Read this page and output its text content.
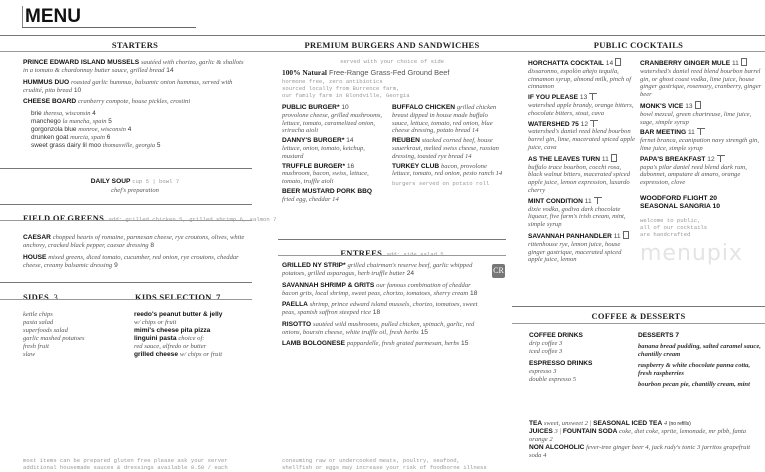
MENU
STARTERS
PRINCE EDWARD ISLAND MUSSELS sautéed with chorizo, garlic & shallots in a tomato & chardonnay butter sauce, grilled bread 14
HUMMUS DUO roasted garlic hummus, balsamic onion hummus, served with crudité, pita bread 10
CHEESE BOARD cranberry compote, house pickles, crostini
brie theresa, wisconsin 4
manchego la mancha, spain 5
gorgonzola blue monroe, wisconsin 4
drunken goat murcia, spain 6
sweet grass dairy lil moo thomasville, georgia 5
DAILY SOUP cup 5 | bowl 7
chef's preparation
FIELD OF GREENS add: grilled chicken 5, grilled shrimp 6, salmon 7
CAESAR chopped hearts of romaine, parmesan cheese, rye croutons, olives, white anchovy, cracked black pepper, caesar dressing 8
HOUSE mixed greens, diced tomato, cucumber, red onion, rye croutons, cheddar cheese, creamy balsamic dressing 9
SIDES 3	KIDS SELECTION 7
kettle chips
pasta salad
superfoods salad
garlic mashed potatoes
fresh fruit
slaw
reedo's peanut butter & jelly
w/ chips or fruit
mimi's cheese pita pizza
linguini pasta choice of:
red sauce, alfredo or butter
grilled cheese w/ chips or fruit
most items can be prepared gluten free please ask your server
additional housemade sauces & dressings available 0.50 / each
PREMIUM BURGERS AND SANDWICHES
served with your choice of side
100% Natural Free-Range Grass-Fed Ground Beef
hormone free, zero antibiotics
sourced locally from Burrence farm,
our family farm in Blondville, Georgia
PUBLIC BURGER* 10
provolone cheese, grilled mushrooms, lettuce, tomato, caramelized onion, sriracha aioli
DANNY'S BURGER* 14
lettuce, onion, tomato, ketchup, mustard
TRUFFLE BURGER* 16
mushroom, bacon, swiss, lettuce, tomato, truffle aioli
BEER MUSTARD PORK BBQ
fried egg, cheddar 14
BUFFALO CHICKEN grilled chicken breast dipped in house made buffalo sauce, lettuce, tomato, red onion, blue cheese dressing, potato bread 14
REUBEN stacked corned beef, house sauerkraut, melted swiss cheese, russian dressing, toasted rye bread 14
TURKEY CLUB bacon, provolone lettuce, tomato, red onion, pesto ranch 14
burgers served on potato roll
ENTREES add: side salad 5
GRILLED NY STRIP* grilled chairman's reserve beef, garlic whipped potatoes, grilled asparagus, herb truffle butter 24
SAVANNAH SHRIMP & GRITS our famous combination of cheddar bacon grits, local shrimp, sweet peas, chorizo, tomatoes, sherry cream 18
PAELLA shrimp, prince edward island mussels, chorizo, tomatoes, sweet peas, spanish saffron steeped rice 18
RISOTTO sautéed wild mushrooms, pulled chicken, spinach, garlic, red onions, boursin cheese, white truffle oil, fresh herbs 15
LAMB BOLOGNESE pappardelle, fresh grated parmesan, herbs 15
CR
consuming raw or undercooked meats, poultry, seafood,
shellfish or eggs may increase your risk of foodborne illness
PUBLIC COCKTAILS
HORCHATTA COCKTAIL 14
dissaronno, espolòn añejo tequila, cinnamon syrup, almond milk, pinch of cinnamon
IF YOU PLEASE 13
watershed apple brandy, orange bitters, chocolate bitters, stout, cava
WATERSHED 75 12
watershed's daniel reed blend bourbon barrel gin, lime, macerated spiced apple juice, cava
AS THE LEAVES TURN 11
buffalo trace bourbon, cocchi rosa, black walnut bitters, macerated spiced apple juice, lemon expression, luxardo cherry
MINT CONDITION 11
dixie vodka, godiva dark chocolate liqueur, five farm's irish cream, mint, simple syrup
SAVANNAH PANHANDLER 11
rittenhouse rye, lemon juice, house ginger gastrique, macerated spiced apple juice, lemon
CRANBERRY GINGER MULE 11
watershed's daniel reed blend bourbon barrel gin, or ghost coast vodka, lime juice, house ginger gastrique, rosemary, cranberry, ginger beer
MONK'S VICE 13
bowl mezcal, green chartreuse, lime juice, sage, simple syrup
BAR MEETING 11
fernet branca, ecanipation navy strength gin, lime juice, simple syrup
PAPA'S BREAKFAST 12
papa's pilar daniel reed blend dark rum, dubonnet, amputare di amaro, orange expression, clove
WOODFORD FLIGHT 20
SEASONAL SANGRIA 10
welcome to public,
all of our cocktails
are handcrafted
menupix
COFFEE & DESSERTS
COFFEE DRINKS
drip coffee 3
iced coffee 3
ESPRESSO DRINKS
espresso 3
double espresso 5
DESSERTS 7
banana bread pudding, salted caramel sauce, chantilly cream
raspberry & white chocolate panna cotta, fresh raspberries
bourbon pecan pie, chantilly cream, mint
TEA sweet, unsweet 2 | SEASONAL ICED TEA 4 (no refills)
JUICES 3 | FOUNTAIN SODA coke, diet coke, sprite, lemonade, mr pibb, fanta orange 2
NON ALCOHOLIC fever-tree ginger beer 4, jack rudy's tonic 3 jarritos grapefruit soda 4
